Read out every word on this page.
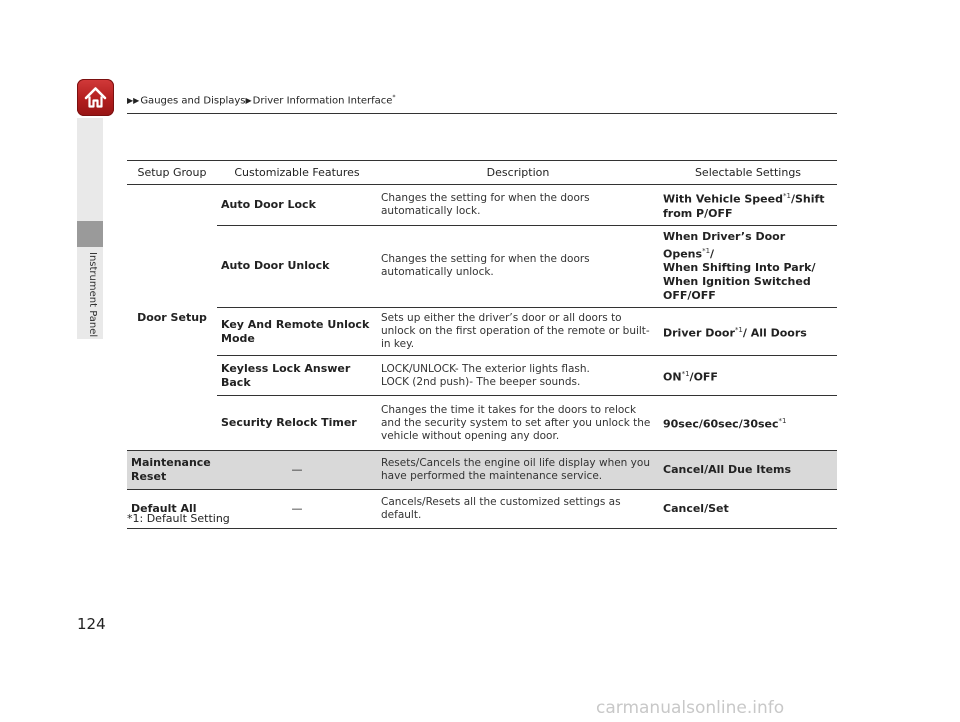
▶▶Gauges and Displays▶Driver Information Interface*
Instrument Panel
Setup Group	Customizable Features	Description	Selectable Settings
Door Setup	Auto Door Lock	Changes the setting for when the doors automatically lock.	With Vehicle Speed$^{*1}$/Shift from P/OFF
	Auto Door Unlock	Changes the setting for when the doors automatically unlock.	When Driver’s Door Opens$^{*1}$/
When Shifting Into Park/
When Ignition Switched OFF/OFF
	Key And Remote Unlock Mode	Sets up either the driver’s door or all doors to unlock on the first operation of the remote or built-in key.	Driver Door$^{*1}$/ All Doors
	Keyless Lock Answer Back	LOCK/UNLOCK- The exterior lights flash.
LOCK (2nd push)- The beeper sounds.	ON$^{*1}$/OFF
	Security Relock Timer	Changes the time it takes for the doors to relock and the security system to set after you unlock the vehicle without opening any door.	$90\sec/60\sec/30\sec^{*1}$
Maintenance Reset	—	Resets/Cancels the engine oil life display when you have performed the maintenance service.	Cancel/All Due Items
Default All	—	Cancels/Resets all the customized settings as default.	Cancel/Set
*1: Default Setting
124
carmanualsonline.info
